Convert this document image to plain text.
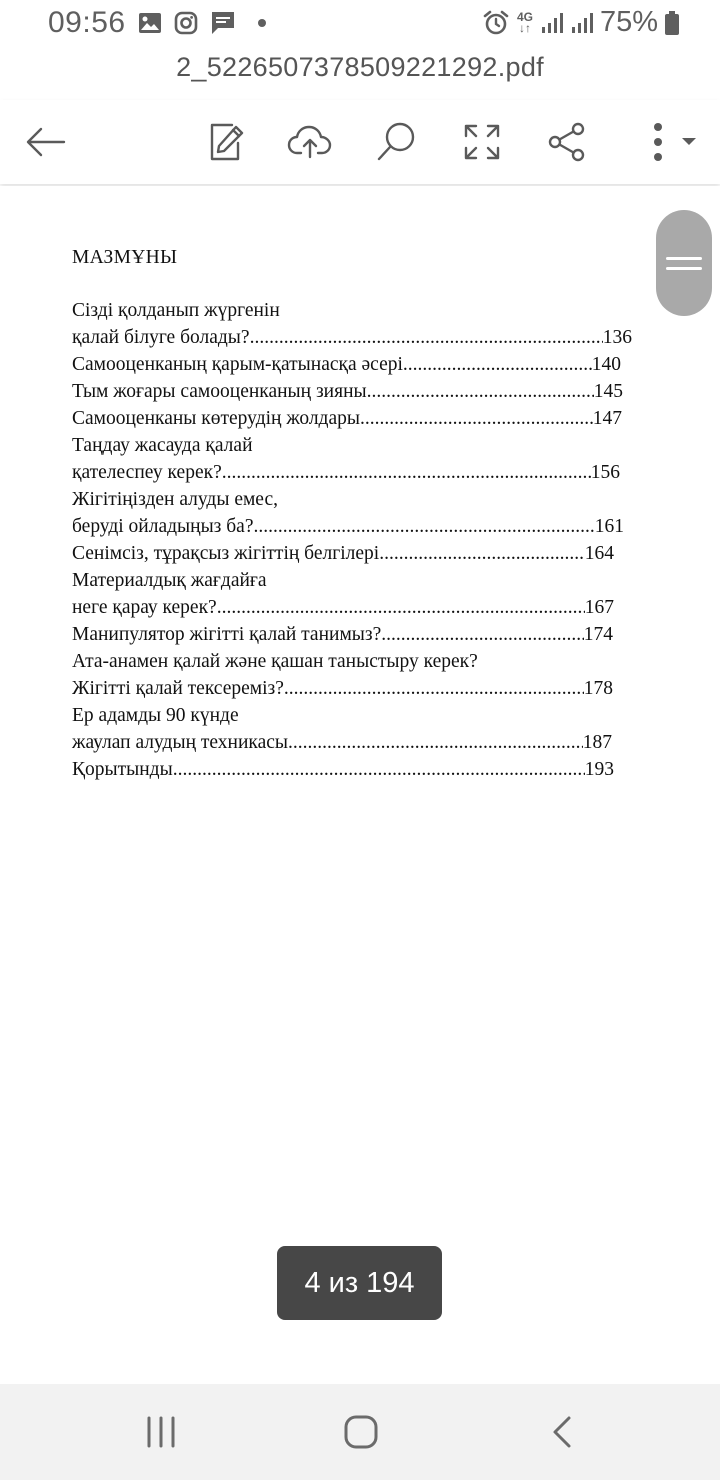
09:56	4G
↓↑ 75%
2_5226507378509221292.pdf
МАЗМҰНЫ
Сізді қолданып жүргенін
қалай білуге болады? .....	136
Самооценканың қарым-қатынасқа әсері .....	140
Тым жоғары самооценканың зияны .....	145
Самооценканы көтерудің жолдары .....	147
Таңдау жасауда қалай
қателеспеу керек? .....	156
Жігітіңізден алуды емес,
беруді ойладыңыз ба? .....	161
Сенімсіз, тұрақсыз жігіттің белгілері .....	164
Материалдық жағдайға
неге қарау керек? .....	167
Манипулятор жігітті қалай танимыз? .....	174
Ата-анамен қалай және қашан таныстыру керек?
Жігітті қалай тексереміз? .....	178
Ер адамды 90 күнде
жаулап алудың техникасы .....	187
Қорытынды .....	193
4 из 194
